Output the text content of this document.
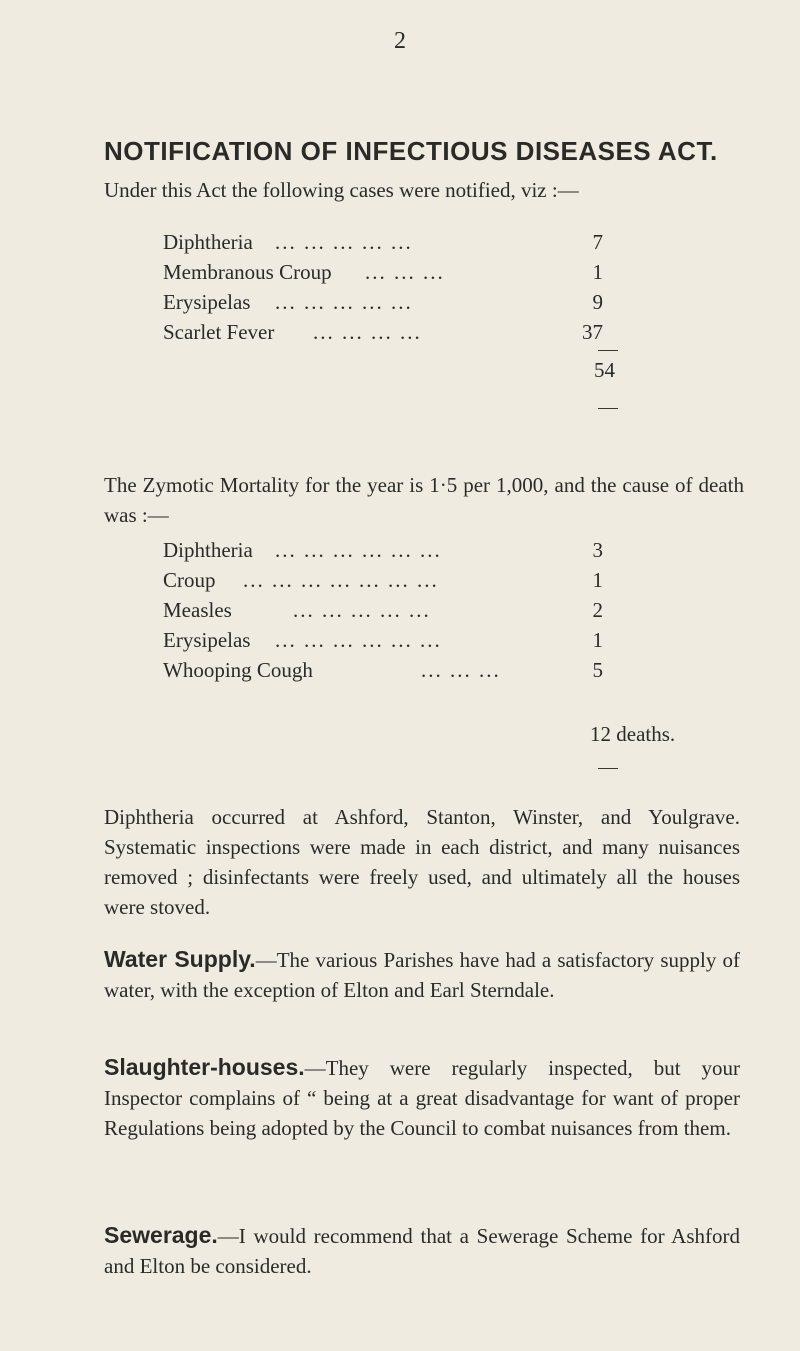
2
NOTIFICATION OF INFECTIOUS DISEASES ACT.
Under this Act the following cases were notified, viz :—
Diphtheria ... ... ... ... ...	7
Membranous Croup ... ... ...	1
Erysipelas ... ... ... ... ...	9
Scarlet Fever ... ... ... ...	37
54
The Zymotic Mortality for the year is 1·5 per 1,000, and the cause of death was :—
Diphtheria ... ... ... ... ... ...	3
Croup ... ... ... ... ... ... ...	1
Measles	... ... ... ... ...	2
Erysipelas ... ... ... ... ... ...	1
Whooping Cough	... ... ...	5
12 deaths.
Diphtheria occurred at Ashford, Stanton, Winster, and Youlgrave. Systematic inspections were made in each district, and many nuisances removed ; disinfectants were freely used, and ultimately all the houses were stoved.
Water Supply.—The various Parishes have had a satisfactory supply of water, with the exception of Elton and Earl Sterndale.
Slaughter-houses.—They were regularly inspected, but your Inspector complains of “ being at a great disadvantage for want of proper Regulations being adopted by the Council to combat nuisances from them.
Sewerage.—I would recommend that a Sewerage Scheme for Ashford and Elton be considered.
